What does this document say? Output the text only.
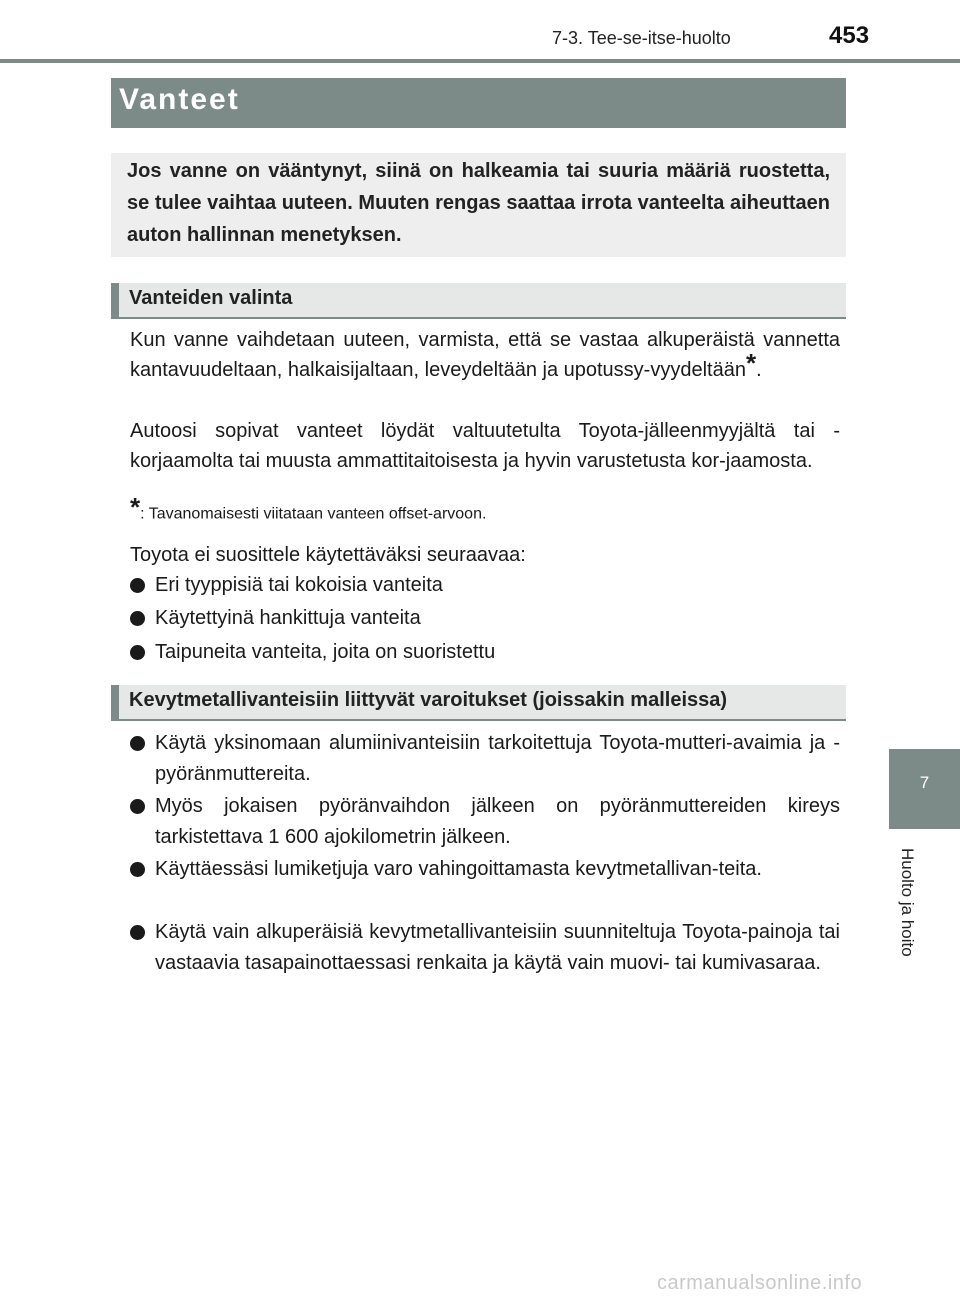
7-3. Tee-se-itse-huolto	453
Vanteet
Jos vanne on vääntynyt, siinä on halkeamia tai suuria määriä ruostetta, se tulee vaihtaa uuteen. Muuten rengas saattaa irrota vanteelta aiheuttaen auton hallinnan menetyksen.
Vanteiden valinta
Kun vanne vaihdetaan uuteen, varmista, että se vastaa alkuperäistä vannetta kantavuudeltaan, halkaisijaltaan, leveydeltään ja upotussy-vyydeltään*.
Autoosi sopivat vanteet löydät valtuutetulta Toyota-jälleenmyyjältä tai -korjaamolta tai muusta ammattitaitoisesta ja hyvin varustetusta kor-jaamosta.
*: Tavanomaisesti viitataan vanteen offset-arvoon.
Toyota ei suosittele käytettäväksi seuraavaa:
Eri tyyppisiä tai kokoisia vanteita
Käytettyinä hankittuja vanteita
Taipuneita vanteita, joita on suoristettu
Kevytmetallivanteisiin liittyvät varoitukset (joissakin malleissa)
Käytä yksinomaan alumiinivanteisiin tarkoitettuja Toyota-mutteri-avaimia ja -pyöränmuttereita.
Myös jokaisen pyöränvaihdon jälkeen on pyöränmuttereiden kireys tarkistettava 1 600 ajokilometrin jälkeen.
Käyttäessäsi lumiketjuja varo vahingoittamasta kevytmetallivan-teita.
Käytä vain alkuperäisiä kevytmetallivanteisiin suunniteltuja Toyota-painoja tai vastaavia tasapainottaessasi renkaita ja käytä vain muovi- tai kumivasaraa.
7
Huolto ja hoito
carmanualsonline.info
